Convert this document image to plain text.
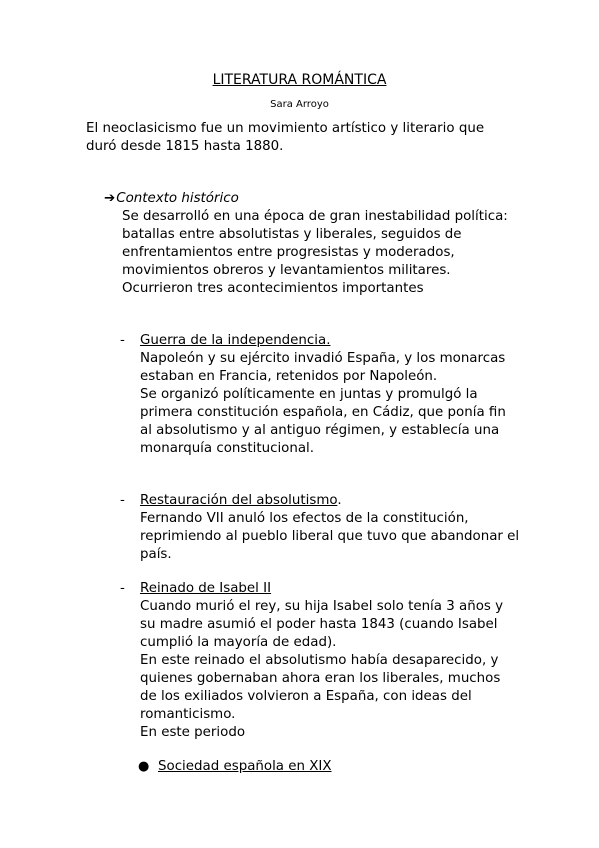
LITERATURA ROMÁNTICA
Sara Arroyo
El neoclasicismo fue un movimiento artístico y literario que duró desde 1815 hasta 1880.
➔Contexto histórico
Se desarrolló en una época de gran inestabilidad política: batallas entre absolutistas y liberales, seguidos de enfrentamientos entre progresistas y moderados, movimientos obreros y levantamientos militares.
Ocurrieron tres acontecimientos importantes
- Guerra de la independencia.
Napoleón y su ejército invadió España, y los monarcas estaban en Francia, retenidos por Napoleón.
Se organizó políticamente en juntas y promulgó la primera constitución española, en Cádiz, que ponía fin al absolutismo y al antiguo régimen, y establecía una monarquía constitucional.
- Restauración del absolutismo.
Fernando VII anuló los efectos de la constitución, reprimiendo al pueblo liberal que tuvo que abandonar el país.
- Reinado de Isabel II
Cuando murió el rey, su hija Isabel solo tenía 3 años y su madre asumió el poder hasta 1843 (cuando Isabel cumplió la mayoría de edad).
En este reinado el absolutismo había desaparecido, y quienes gobernaban ahora eran los liberales, muchos de los exiliados volvieron a España, con ideas del romanticismo.
En este periodo
● Sociedad española en XIX
